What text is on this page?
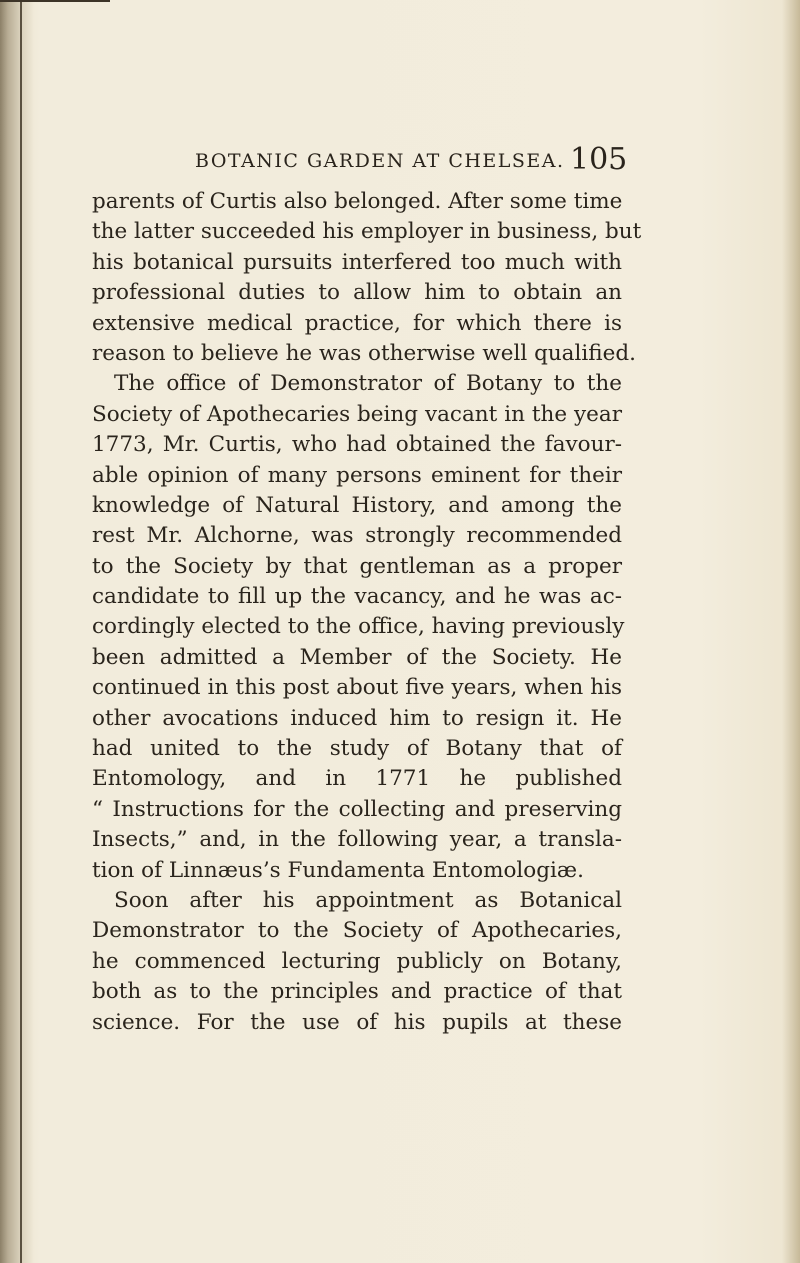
BOTANIC GARDEN AT CHELSEA. 105
parents of Curtis also belonged. After some time
the latter succeeded his employer in business, but
his botanical pursuits interfered too much with
professional duties to allow him to obtain an
extensive medical practice, for which there is
reason to believe he was otherwise well qualified.
The office of Demonstrator of Botany to the
Society of Apothecaries being vacant in the year
1773, Mr. Curtis, who had obtained the favour-
able opinion of many persons eminent for their
knowledge of Natural History, and among the
rest Mr. Alchorne, was strongly recommended
to the Society by that gentleman as a proper
candidate to fill up the vacancy, and he was ac-
cordingly elected to the office, having previously
been admitted a Member of the Society. He
continued in this post about five years, when his
other avocations induced him to resign it. He
had united to the study of Botany that of
Entomology, and in 1771 he published
“ Instructions for the collecting and preserving
Insects,” and, in the following year, a transla-
tion of Linnæus’s Fundamenta Entomologiæ.
Soon after his appointment as Botanical
Demonstrator to the Society of Apothecaries,
he commenced lecturing publicly on Botany,
both as to the principles and practice of that
science. For the use of his pupils at these
